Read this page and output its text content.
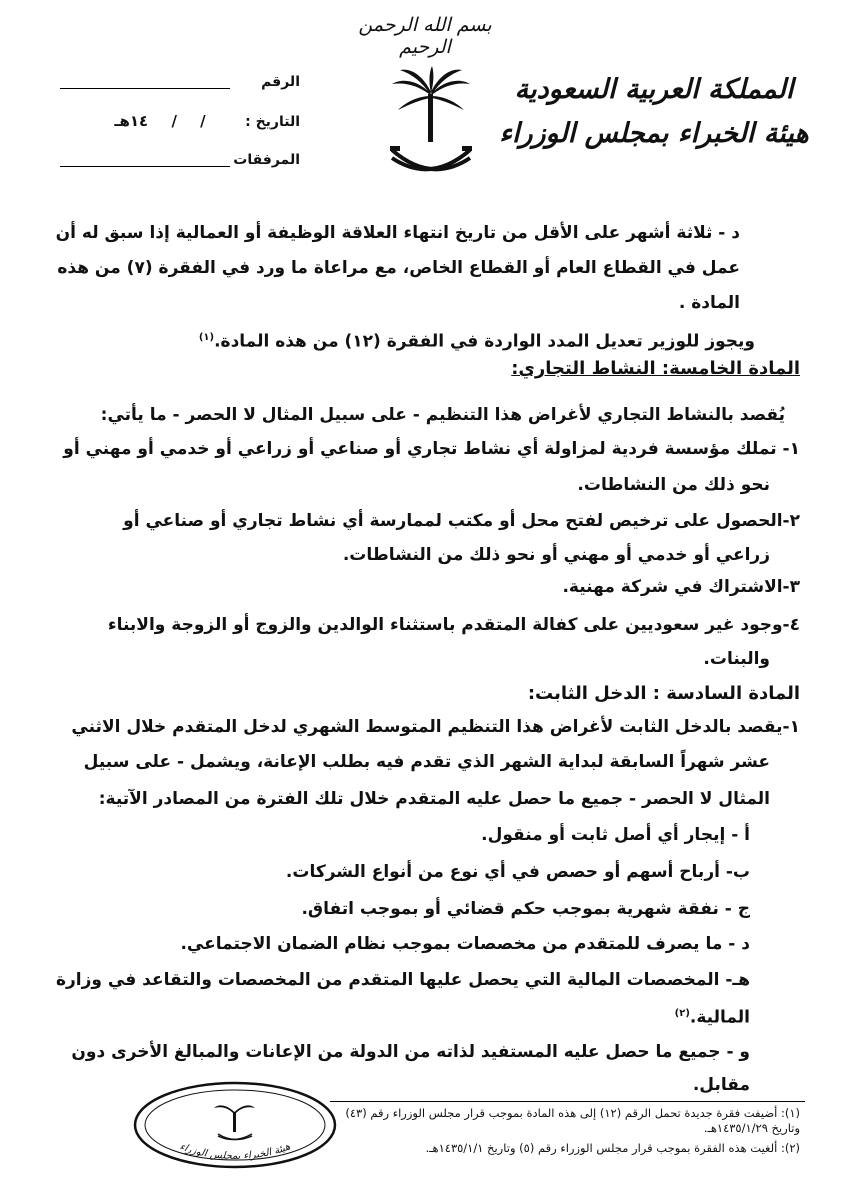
بسم الله الرحمن الرحيم
المملكة العربية السعودية
هيئة الخبراء بمجلس الوزراء
الرقم
التاريخ :
/ / ١٤هـ
المرفقات
د - ثلاثة أشهر على الأقل من تاريخ انتهاء العلاقة الوظيفة أو العمالية إذا سبق له أن
عمل في القطاع العام أو القطاع الخاص، مع مراعاة ما ورد في الفقرة (٧) من هذه
المادة .
ويجوز للوزير تعديل المدد الواردة في الفقرة (١٢) من هذه المادة.$^{(١)}$
المادة الخامسة: النشاط التجاري:
يُقصد بالنشاط التجاري لأغراض هذا التنظيم - على سبيل المثال لا الحصر - ما يأتي:
١- تملك مؤسسة فردية لمزاولة أي نشاط تجاري أو صناعي أو زراعي أو خدمي أو مهني أو
نحو ذلك من النشاطات.
٢-الحصول على ترخيص لفتح محل أو مكتب لممارسة أي نشاط تجاري أو صناعي أو
زراعي أو خدمي أو مهني أو نحو ذلك من النشاطات.
٣-الاشتراك في شركة مهنية.
٤-وجود غير سعوديين على كفالة المتقدم باستثناء الوالدين والزوج أو الزوجة والابناء
والبنات.
المادة السادسة : الدخل الثابت:
١-يقصد بالدخل الثابت لأغراض هذا التنظيم المتوسط الشهري لدخل المتقدم خلال الاثني
عشر شهراً السابقة لبداية الشهر الذي تقدم فيه بطلب الإعانة، ويشمل - على سبيل
المثال لا الحصر - جميع ما حصل عليه المتقدم خلال تلك الفترة من المصادر الآتية:
أ - إيجار أي أصل ثابت أو منقول.
ب- أرباح أسهم أو حصص في أي نوع من أنواع الشركات.
ج - نفقة شهرية بموجب حكم قضائي أو بموجب اتفاق.
د - ما يصرف للمتقدم من مخصصات بموجب نظام الضمان الاجتماعي.
هـ- المخصصات المالية التي يحصل عليها المتقدم من المخصصات والتقاعد في وزارة
المالية.$^{(٢)}$
و - جميع ما حصل عليه المستفيد لذاته من الدولة من الإعانات والمبالغ الأخرى دون
مقابل.
(١): أضيفت فقرة جديدة تحمل الرقم (١٢) إلى هذه المادة بموجب قرار مجلس الوزراء رقم (٤٣)
وتاريخ ١٤٣٥/١/٢٩هـ.
(٢): ألغيت هذه الفقرة بموجب قرار مجلس الوزراء رقم (٥) وتاريخ ١٤٣٥/١/١هـ.
هيئة الخبراء بمجلس الوزراء
